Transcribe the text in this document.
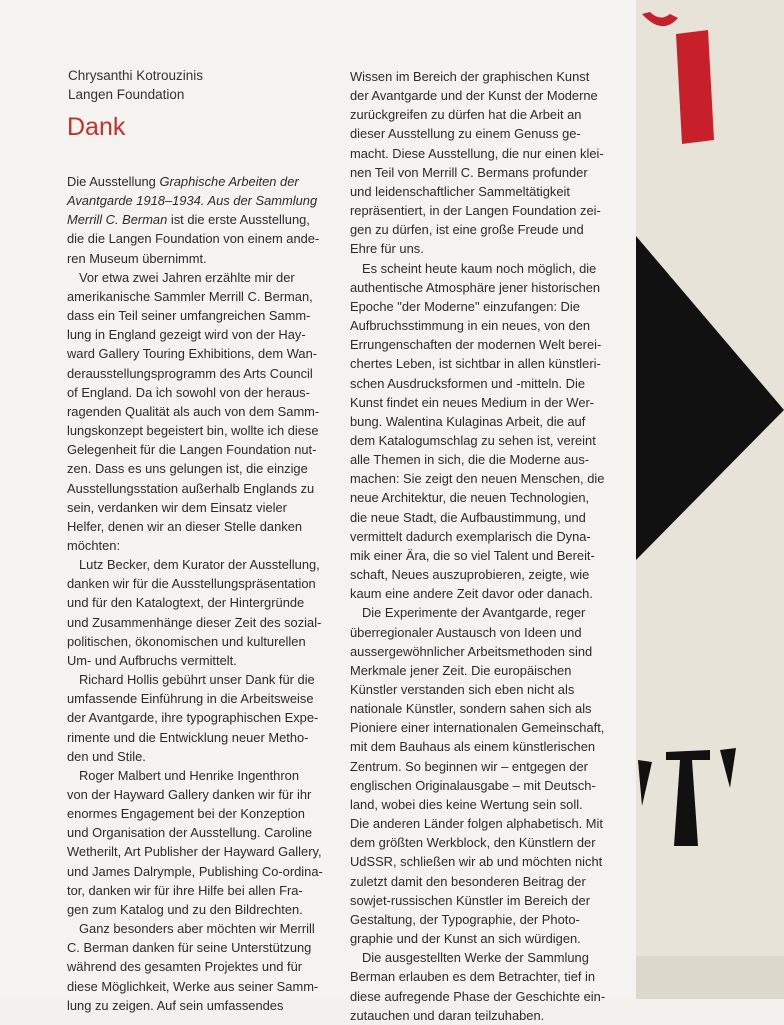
Chrysanthi Kotrouzinis
Langen Foundation
Dank
Die Ausstellung Graphische Arbeiten der
Avantgarde 1918–1934. Aus der Sammlung
Merrill C. Berman ist die erste Ausstellung,
die die Langen Foundation von einem ande-
ren Museum übernimmt.
Vor etwa zwei Jahren erzählte mir der
amerikanische Sammler Merrill C. Berman,
dass ein Teil seiner umfangreichen Samm-
lung in England gezeigt wird von der Hay-
ward Gallery Touring Exhibitions, dem Wan-
derausstellungsprogramm des Arts Council
of England. Da ich sowohl von der heraus-
ragenden Qualität als auch von dem Samm-
lungskonzept begeistert bin, wollte ich diese
Gelegenheit für die Langen Foundation nut-
zen. Dass es uns gelungen ist, die einzige
Ausstellungsstation außerhalb Englands zu
sein, verdanken wir dem Einsatz vieler
Helfer, denen wir an dieser Stelle danken
möchten:
Lutz Becker, dem Kurator der Ausstellung,
danken wir für die Ausstellungspräsentation
und für den Katalogtext, der Hintergründe
und Zusammenhänge dieser Zeit des sozial-
politischen, ökonomischen und kulturellen
Um- und Aufbruchs vermittelt.
Richard Hollis gebührt unser Dank für die
umfassende Einführung in die Arbeitsweise
der Avantgarde, ihre typographischen Expe-
rimente und die Entwicklung neuer Metho-
den und Stile.
Roger Malbert und Henrike Ingenthron
von der Hayward Gallery danken wir für ihr
enormes Engagement bei der Konzeption
und Organisation der Ausstellung. Caroline
Wetherilt, Art Publisher der Hayward Gallery,
und James Dalrymple, Publishing Co-ordina-
tor, danken wir für ihre Hilfe bei allen Fra-
gen zum Katalog und zu den Bildrechten.
Ganz besonders aber möchten wir Merrill
C. Berman danken für seine Unterstützung
während des gesamten Projektes und für
diese Möglichkeit, Werke aus seiner Samm-
lung zu zeigen. Auf sein umfassendes
Wissen im Bereich der graphischen Kunst
der Avantgarde und der Kunst der Moderne
zurückgreifen zu dürfen hat die Arbeit an
dieser Ausstellung zu einem Genuss ge-
macht. Diese Ausstellung, die nur einen klei-
nen Teil von Merrill C. Bermans profunder
und leidenschaftlicher Sammeltätigkeit
repräsentiert, in der Langen Foundation zei-
gen zu dürfen, ist eine große Freude und
Ehre für uns.
Es scheint heute kaum noch möglich, die
authentische Atmosphäre jener historischen
Epoche "der Moderne" einzufangen: Die
Aufbruchsstimmung in ein neues, von den
Errungenschaften der modernen Welt berei-
chertes Leben, ist sichtbar in allen künstleri-
schen Ausdrucksformen und -mitteln. Die
Kunst findet ein neues Medium in der Wer-
bung. Walentina Kulaginas Arbeit, die auf
dem Katalogumschlag zu sehen ist, vereint
alle Themen in sich, die die Moderne aus-
machen: Sie zeigt den neuen Menschen, die
neue Architektur, die neuen Technologien,
die neue Stadt, die Aufbaustimmung, und
vermittelt dadurch exemplarisch die Dyna-
mik einer Ära, die so viel Talent und Bereit-
schaft, Neues auszuprobieren, zeigte, wie
kaum eine andere Zeit davor oder danach.
Die Experimente der Avantgarde, reger
überregionaler Austausch von Ideen und
aussergewöhnlicher Arbeitsmethoden sind
Merkmale jener Zeit. Die europäischen
Künstler verstanden sich eben nicht als
nationale Künstler, sondern sahen sich als
Pioniere einer internationalen Gemeinschaft,
mit dem Bauhaus als einem künstlerischen
Zentrum. So beginnen wir – entgegen der
englischen Originalausgabe – mit Deutsch-
land, wobei dies keine Wertung sein soll.
Die anderen Länder folgen alphabetisch. Mit
dem größten Werkblock, den Künstlern der
UdSSR, schließen wir ab und möchten nicht
zuletzt damit den besonderen Beitrag der
sowjet-russischen Künstler im Bereich der
Gestaltung, der Typographie, der Photo-
graphie und der Kunst an sich würdigen.
Die ausgestellten Werke der Sammlung
Berman erlauben es dem Betrachter, tief in
diese aufregende Phase der Geschichte ein-
zutauchen und daran teilzuhaben.
